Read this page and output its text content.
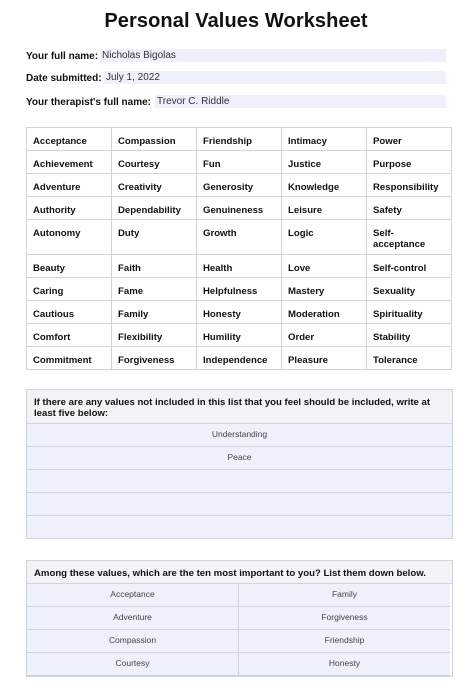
Personal Values Worksheet
Your full name: Nicholas Bigolas
Date submitted: July 1, 2022
Your therapist's full name: Trevor C. Riddle
Acceptance	Compassion	Friendship	Intimacy	Power
Achievement	Courtesy	Fun	Justice	Purpose
Adventure	Creativity	Generosity	Knowledge	Responsibility
Authority	Dependability	Genuineness	Leisure	Safety
Autonomy	Duty	Growth	Logic	Self-
acceptance
Beauty	Faith	Health	Love	Self-control
Caring	Fame	Helpfulness	Mastery	Sexuality
Cautious	Family	Honesty	Moderation	Spirituality
Comfort	Flexibility	Humility	Order	Stability
Commitment	Forgiveness	Independence	Pleasure	Tolerance
If there are any values not included in this list that you feel should be included, write at least five below:
Understanding
Peace
Among these values, which are the ten most important to you? List them down below.
Acceptance	Family
Adventure	Forgiveness
Compassion	Friendship
Courtesy	Honesty
